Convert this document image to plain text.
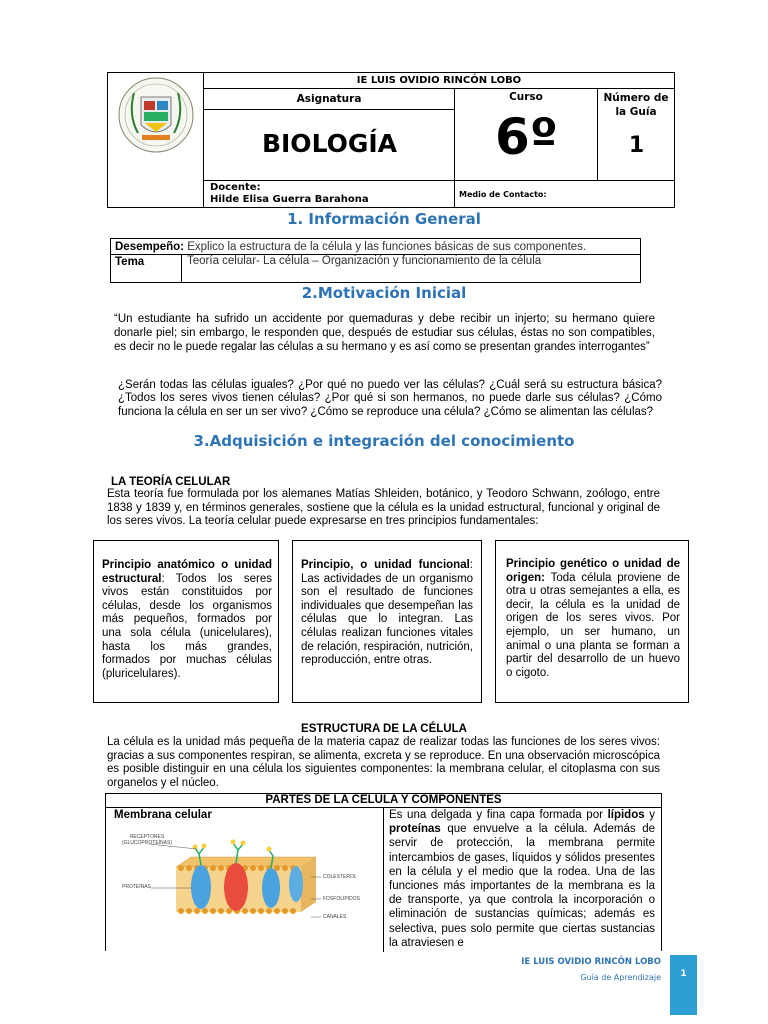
IE LUIS OVIDIO RINCÓN LOBO
Asignatura
BIOLOGÍA
Curso
6º
Número de la Guía
1
Docente:
Hilde Elisa Guerra Barahona	Medio de Contacto:
1. Información General
Desempeño: Explico la estructura de la célula y las funciones básicas de sus componentes.
Tema	Teoría celular- La célula – Organización y funcionamiento de la célula
2.Motivación Inicial
“Un estudiante ha sufrido un accidente por quemaduras y debe recibir un injerto; su hermano quiere donarle piel; sin embargo, le responden que, después de estudiar sus células, éstas no son compatibles, es decir no le puede regalar las células a su hermano y es así como se presentan grandes interrogantes”
¿Serán todas las células iguales? ¿Por qué no puedo ver las células? ¿Cuál será su estructura básica? ¿Todos los seres vivos tienen células? ¿Por qué si son hermanos, no puede darle sus células? ¿Cómo funciona la célula en ser un ser vivo? ¿Cómo se reproduce una célula? ¿Cómo se alimentan las células?
3.Adquisición e integración del conocimiento
LA TEORÍA CELULAR
Esta teoría fue formulada por los alemanes Matías Shleiden, botánico, y Teodoro Schwann, zoólogo, entre 1838 y 1839 y, en términos generales, sostiene que la célula es la unidad estructural, funcional y original de los seres vivos. La teoría celular puede expresarse en tres principios fundamentales:
Principio anatómico o unidad estructural: Todos los seres vivos están constituidos por células, desde los organismos más pequeños, formados por una sola célula (unicelulares), hasta los más grandes, formados por muchas células (pluricelulares).
Principio, o unidad funcional: Las actividades de un organismo son el resultado de funciones individuales que desempeñan las células que lo integran. Las células realizan funciones vitales de relación, respiración, nutrición, reproducción, entre otras.
Principio genético o unidad de origen: Toda célula proviene de otra u otras semejantes a ella, es decir, la célula es la unidad de origen de los seres vivos. Por ejemplo, un ser humano, un animal o una planta se forman a partir del desarrollo de un huevo o cigoto.
ESTRUCTURA DE LA CÉLULA
La célula es la unidad más pequeña de la materia capaz de realizar todas las funciones de los seres vivos: gracias a sus componentes respiran, se alimenta, excreta y se reproduce. En una observación microscópica es posible distinguir en una célula los siguientes componentes: la membrana celular, el citoplasma con sus organelos y el núcleo.
PARTES DE LA CELULA Y COMPONENTES
Membrana celular
RECEPTORES (GLUCOPROTEÍNAS)
PROTEÍNAS
COLESTEROL
FOSFOLÍPIDOS
CANALES
Es una delgada y fina capa formada por lípidos y proteínas que envuelve a la célula. Además de servir de protección, la membrana permite intercambios de gases, líquidos y sólidos presentes en la célula y el medio que la rodea. Una de las funciones más importantes de la membrana es la de transporte, ya que controla la incorporación o eliminación de sustancias químicas; además es selectiva, pues solo permite que ciertas sustancias la atraviesen e
IE LUIS OVIDIO RINCÓN LOBO
Guía de Aprendizaje	1
